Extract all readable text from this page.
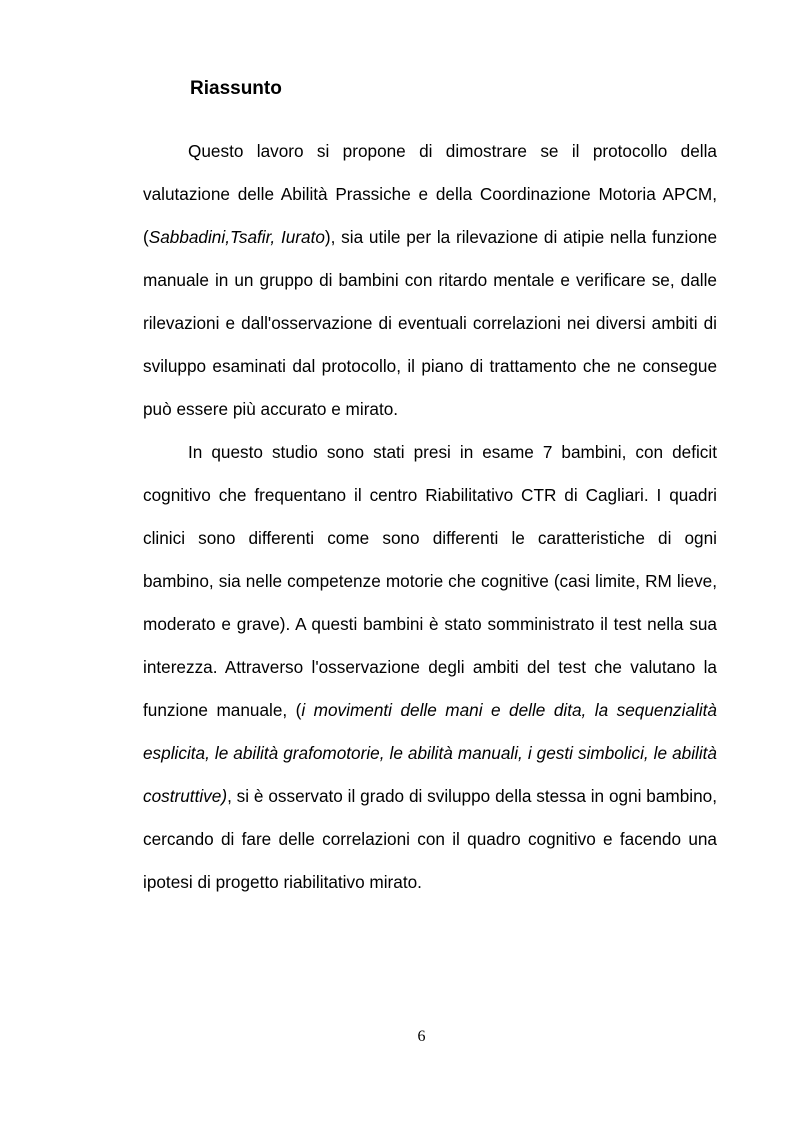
Riassunto

Questo lavoro si propone di dimostrare se il protocollo della valutazione delle Abilità Prassiche e della Coordinazione Motoria APCM, (Sabbadini,Tsafir, Iurato), sia utile per la rilevazione di atipie nella funzione manuale in un gruppo di bambini con ritardo mentale e verificare se, dalle rilevazioni e dall'osservazione di eventuali correlazioni nei diversi ambiti di sviluppo esaminati dal protocollo, il piano di trattamento che ne consegue può essere più accurato e mirato.

In questo studio sono stati presi in esame 7 bambini, con deficit cognitivo che frequentano il centro Riabilitativo CTR di Cagliari. I quadri clinici sono differenti come sono differenti le caratteristiche di ogni bambino, sia nelle competenze motorie che cognitive (casi limite, RM lieve, moderato e grave). A questi bambini è stato somministrato il test nella sua interezza. Attraverso l'osservazione degli ambiti del test che valutano la funzione manuale, (i movimenti delle mani e delle dita, la sequenzialità esplicita, le abilità grafomotorie, le abilità manuali, i gesti simbolici, le abilità costruttive), si è osservato il grado di sviluppo della stessa in ogni bambino, cercando di fare delle correlazioni con il quadro cognitivo e facendo una ipotesi di progetto riabilitativo mirato.

6
